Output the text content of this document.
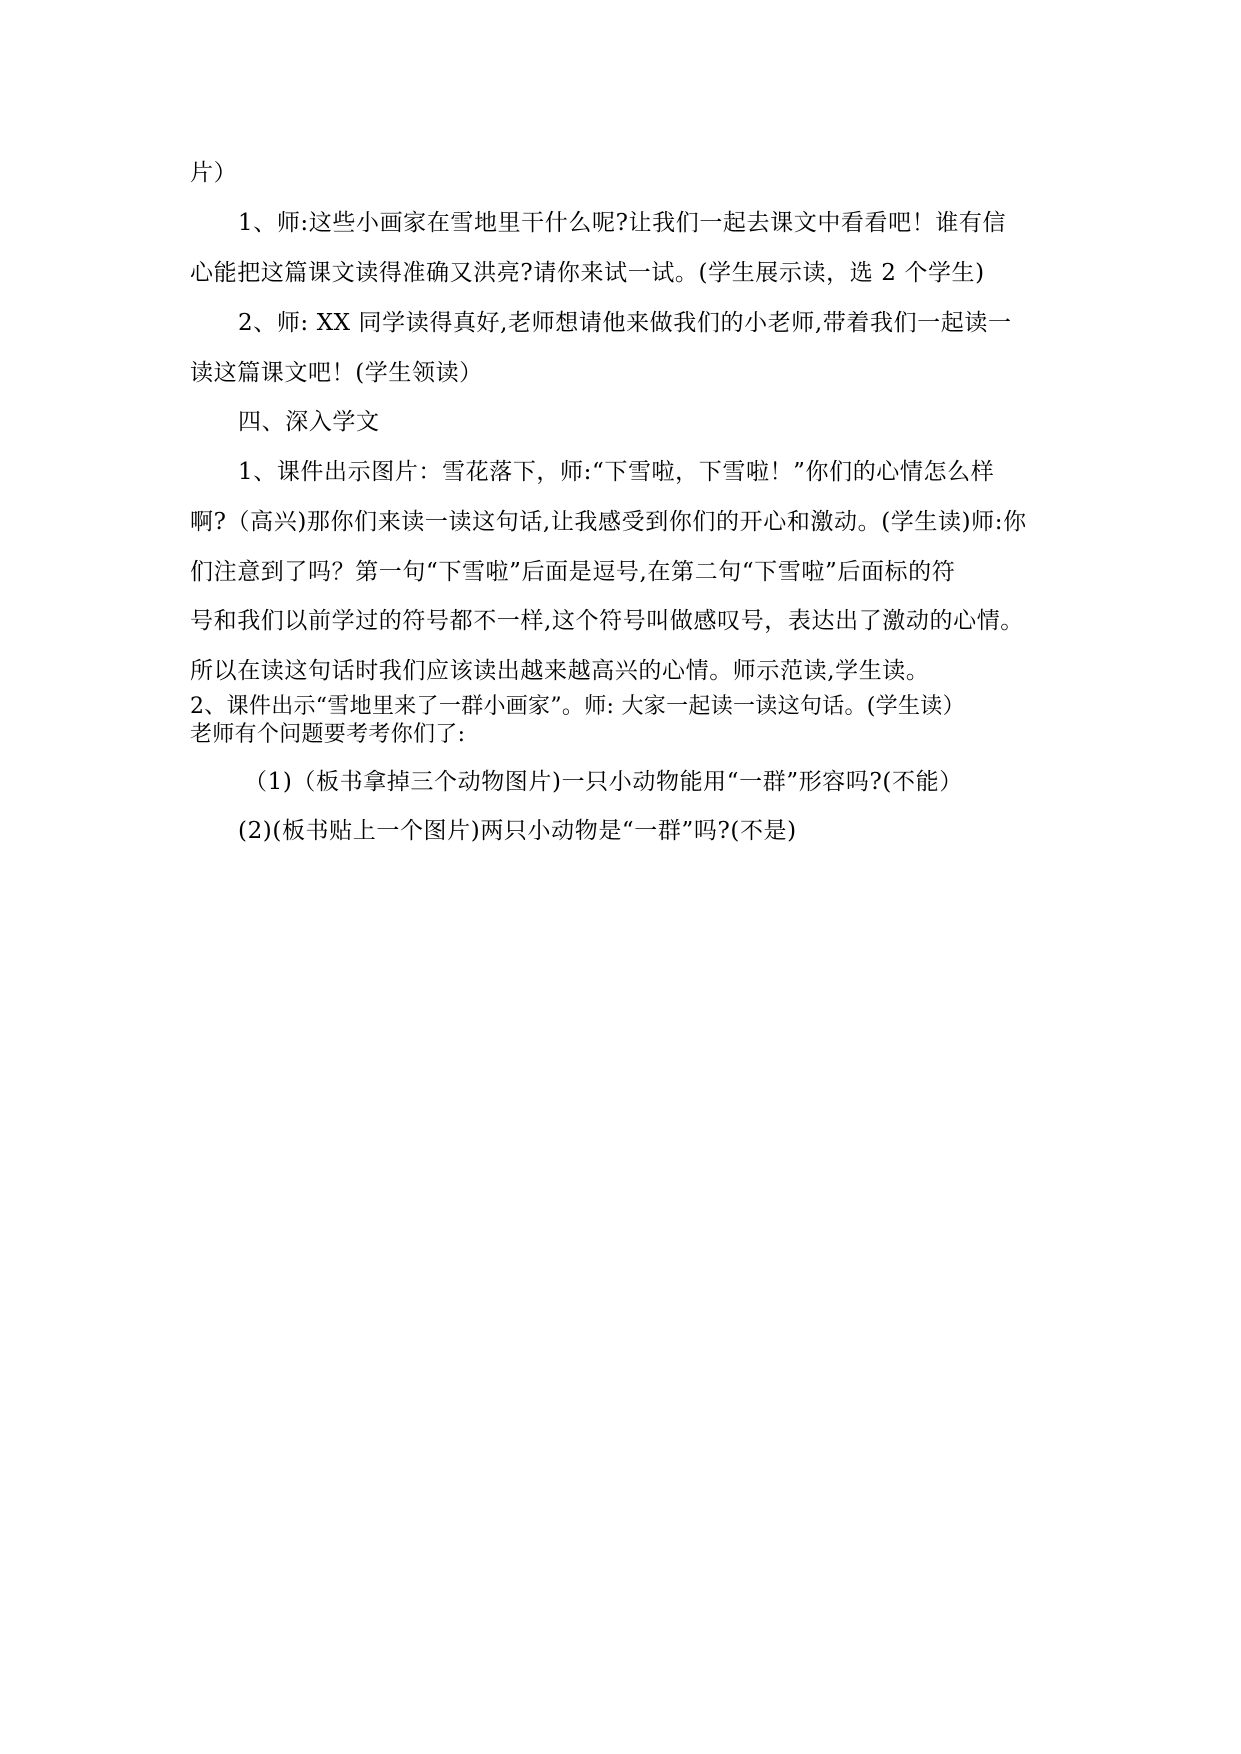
片）
1、师:这些小画家在雪地里干什么呢?让我们一起去课文中看看吧！谁有信
心能把这篇课文读得准确又洪亮?请你来试一试。(学生展示读，选 2 个学生)
2、师: XX 同学读得真好,老师想请他来做我们的小老师,带着我们一起读一
读这篇课文吧！(学生领读）
四、深入学文
1、课件出示图片：雪花落下，师:“下雪啦，下雪啦！”你们的心情怎么样
啊?（高兴)那你们来读一读这句话,让我感受到你们的开心和激动。(学生读)师:你
们注意到了吗？第一句“下雪啦”后面是逗号,在第二句“下雪啦”后面标的符
号和我们以前学过的符号都不一样,这个符号叫做感叹号，表达出了激动的心情。
所以在读这句话时我们应该读出越来越高兴的心情。师示范读,学生读。
2、课件出示“雪地里来了一群小画家”。师: 大家一起读一读这句话。(学生读）
老师有个问题要考考你们了:
（1)（板书拿掉三个动物图片)一只小动物能用“一群”形容吗?(不能）
(2)(板书贴上一个图片)两只小动物是“一群”吗?(不是)
